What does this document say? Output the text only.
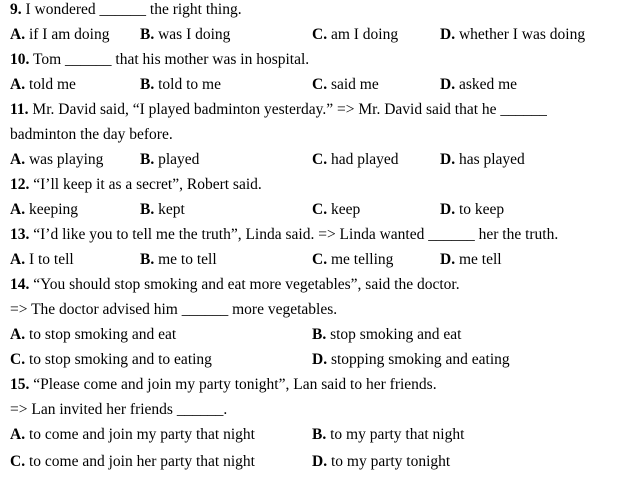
9. I wondered ______ the right thing.
A. if I am doing B. was I doing	C. am I doing	D. whether I was doing
10. Tom ______ that his mother was in hospital.
A. told me	B. told to me	C. said me	D. asked me
11. Mr. David said, “I played badminton yesterday.” => Mr. David said that he ______
badminton the day before.
A. was playing B. played	C. had played	D. has played
12. “I’ll keep it as a secret”, Robert said.
A. keeping	B. kept	C. keep	D. to keep
13. “I’d like you to tell me the truth”, Linda said. => Linda wanted ______ her the truth.
A. I to tell	B. me to tell	C. me telling	D. me tell
14. “You should stop smoking and eat more vegetables”, said the doctor.
=> The doctor advised him ______ more vegetables.
A. to stop smoking and eat	B. stop smoking and eat
C. to stop smoking and to eating	D. stopping smoking and eating
15. “Please come and join my party tonight”, Lan said to her friends.
=> Lan invited her friends ______.
A. to come and join my party that night	B. to my party that night
C. to come and join her party that night	D. to my party tonight
